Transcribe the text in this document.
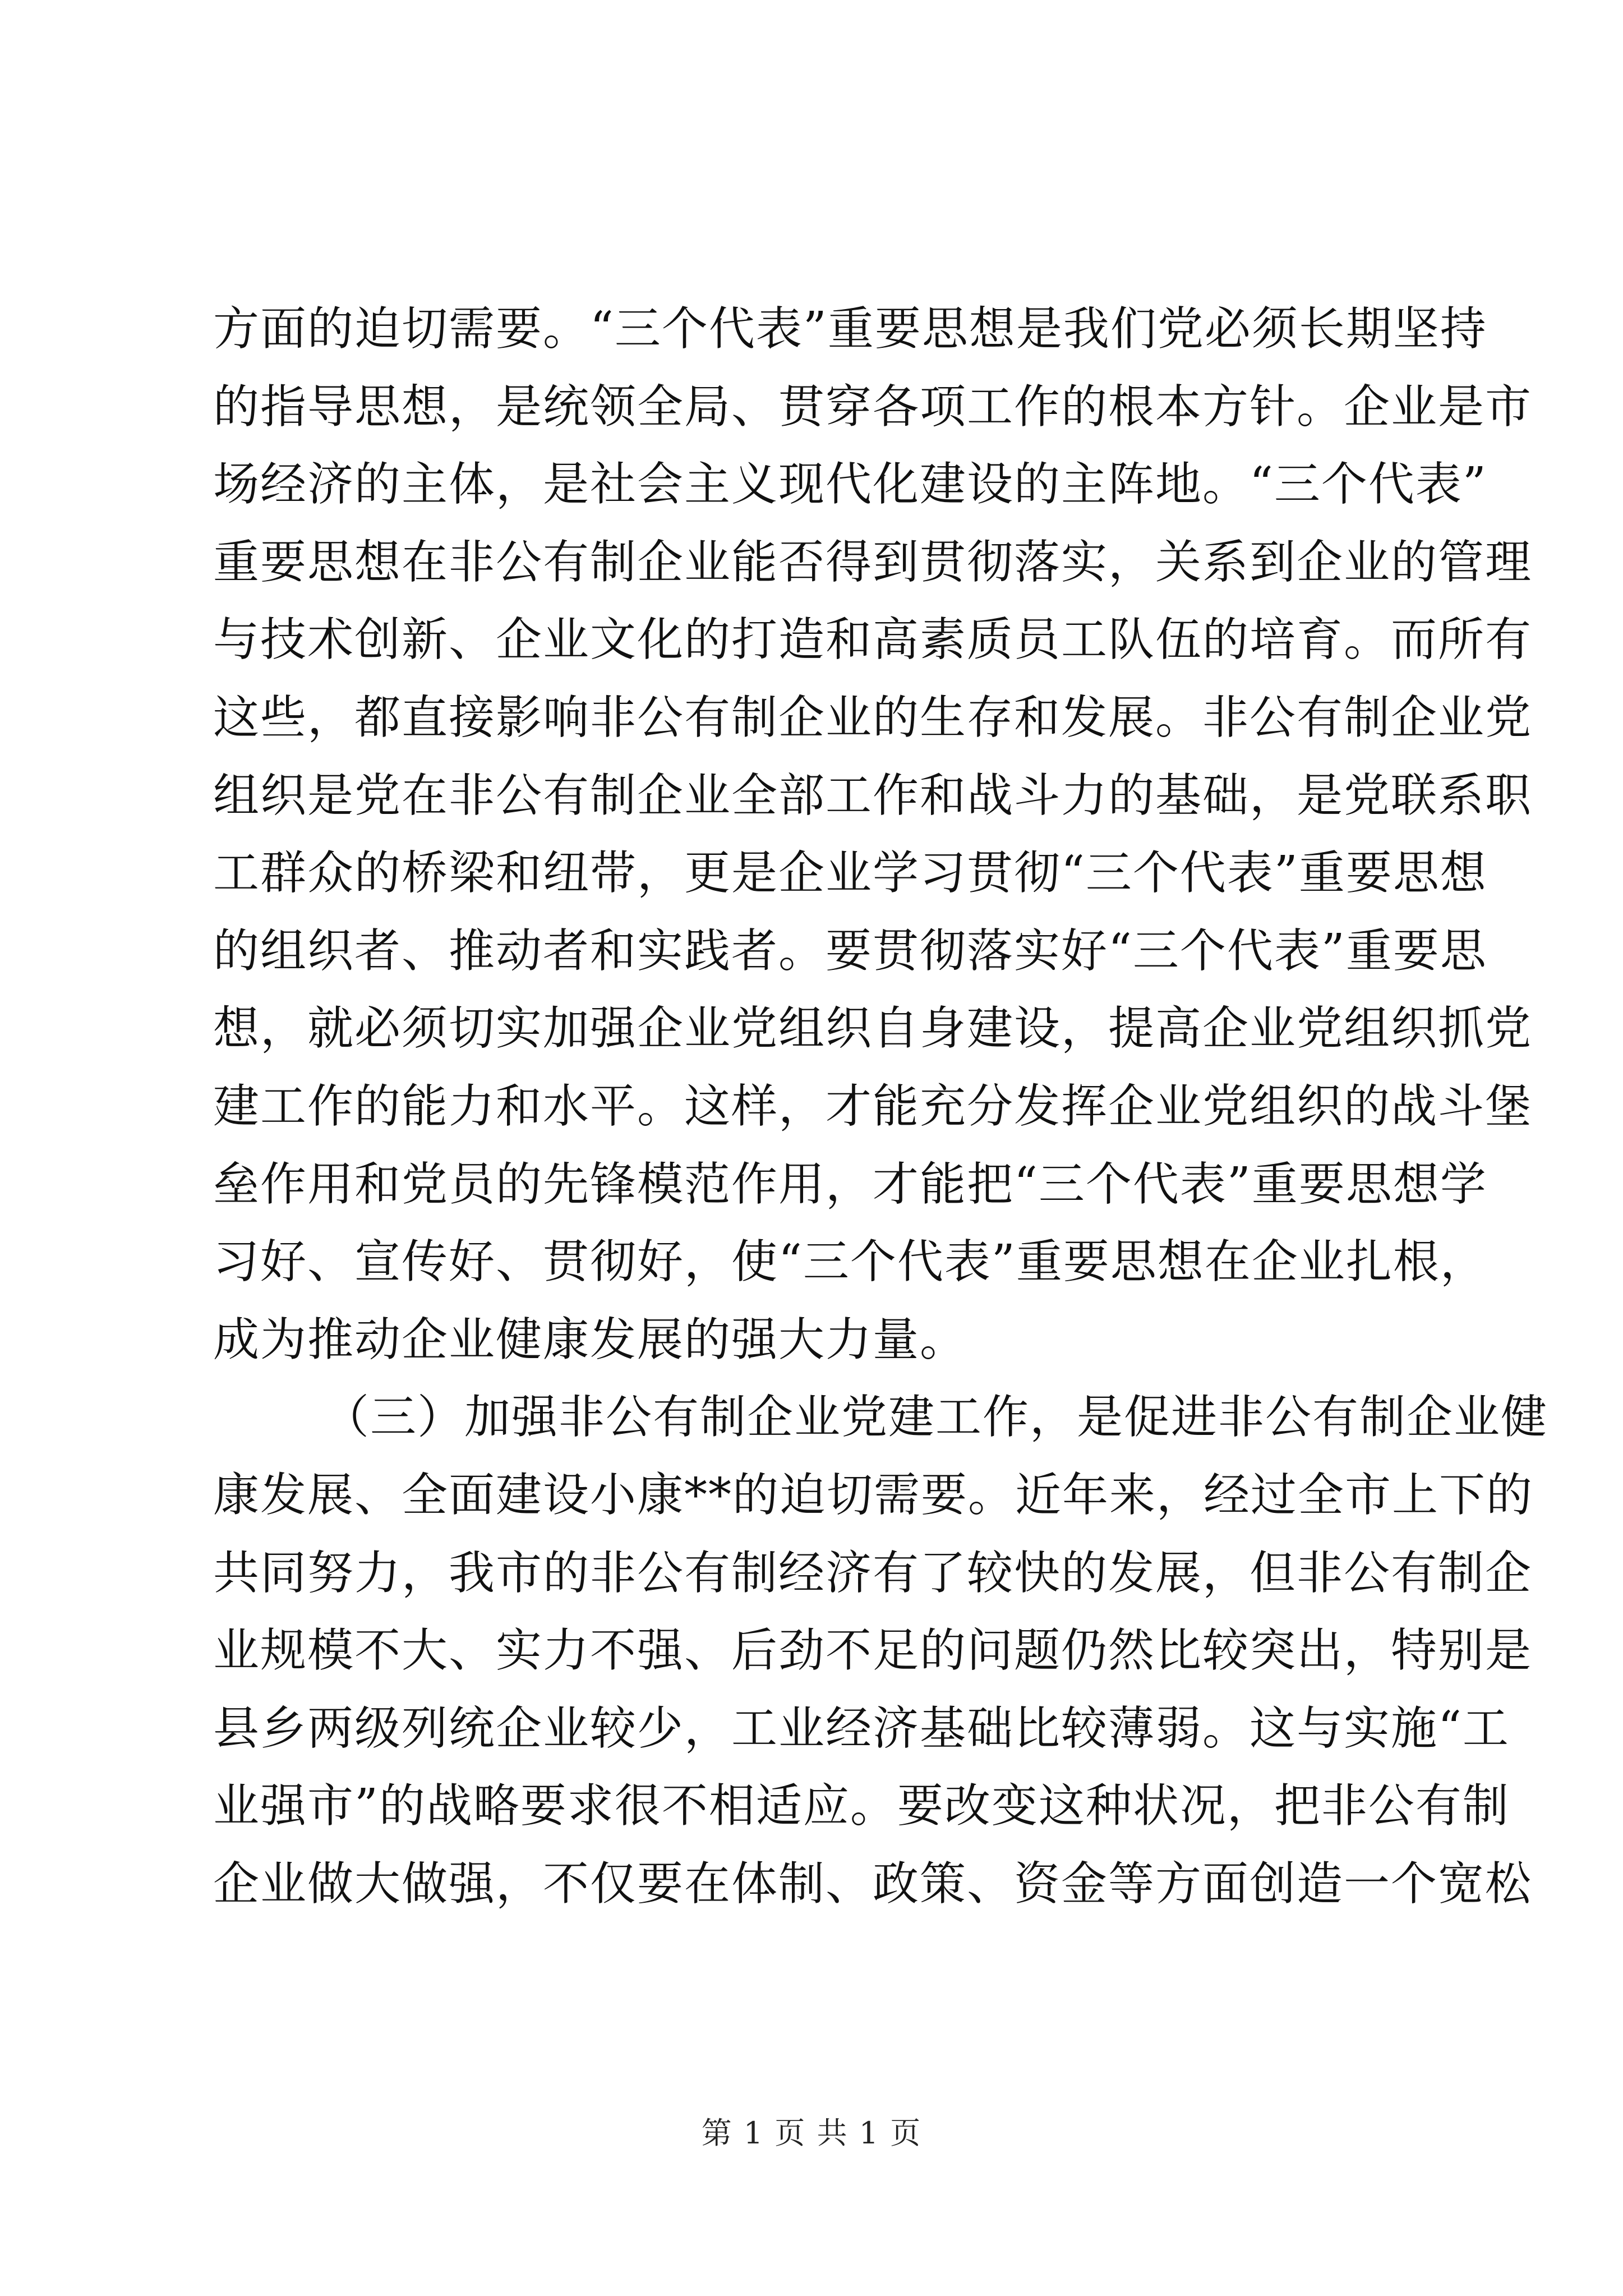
方面的迫切需要。“三个代表”重要思想是我们党必须长期坚持
的指导思想，是统领全局、贯穿各项工作的根本方针。企业是市
场经济的主体，是社会主义现代化建设的主阵地。“三个代表”
重要思想在非公有制企业能否得到贯彻落实，关系到企业的管理
与技术创新、企业文化的打造和高素质员工队伍的培育。而所有
这些，都直接影响非公有制企业的生存和发展。非公有制企业党
组织是党在非公有制企业全部工作和战斗力的基础，是党联系职
工群众的桥梁和纽带，更是企业学习贯彻“三个代表”重要思想
的组织者、推动者和实践者。要贯彻落实好“三个代表”重要思
想，就必须切实加强企业党组织自身建设，提高企业党组织抓党
建工作的能力和水平。这样，才能充分发挥企业党组织的战斗堡
垒作用和党员的先锋模范作用，才能把“三个代表”重要思想学
习好、宣传好、贯彻好，使“三个代表”重要思想在企业扎根，
成为推动企业健康发展的强大力量。
（三）加强非公有制企业党建工作，是促进非公有制企业健
康发展、全面建设小康**的迫切需要。近年来，经过全市上下的
共同努力，我市的非公有制经济有了较快的发展，但非公有制企
业规模不大、实力不强、后劲不足的问题仍然比较突出，特别是
县乡两级列统企业较少，工业经济基础比较薄弱。这与实施“工
业强市”的战略要求很不相适应。要改变这种状况，把非公有制
企业做大做强，不仅要在体制、政策、资金等方面创造一个宽松
第 1 页 共 1 页
